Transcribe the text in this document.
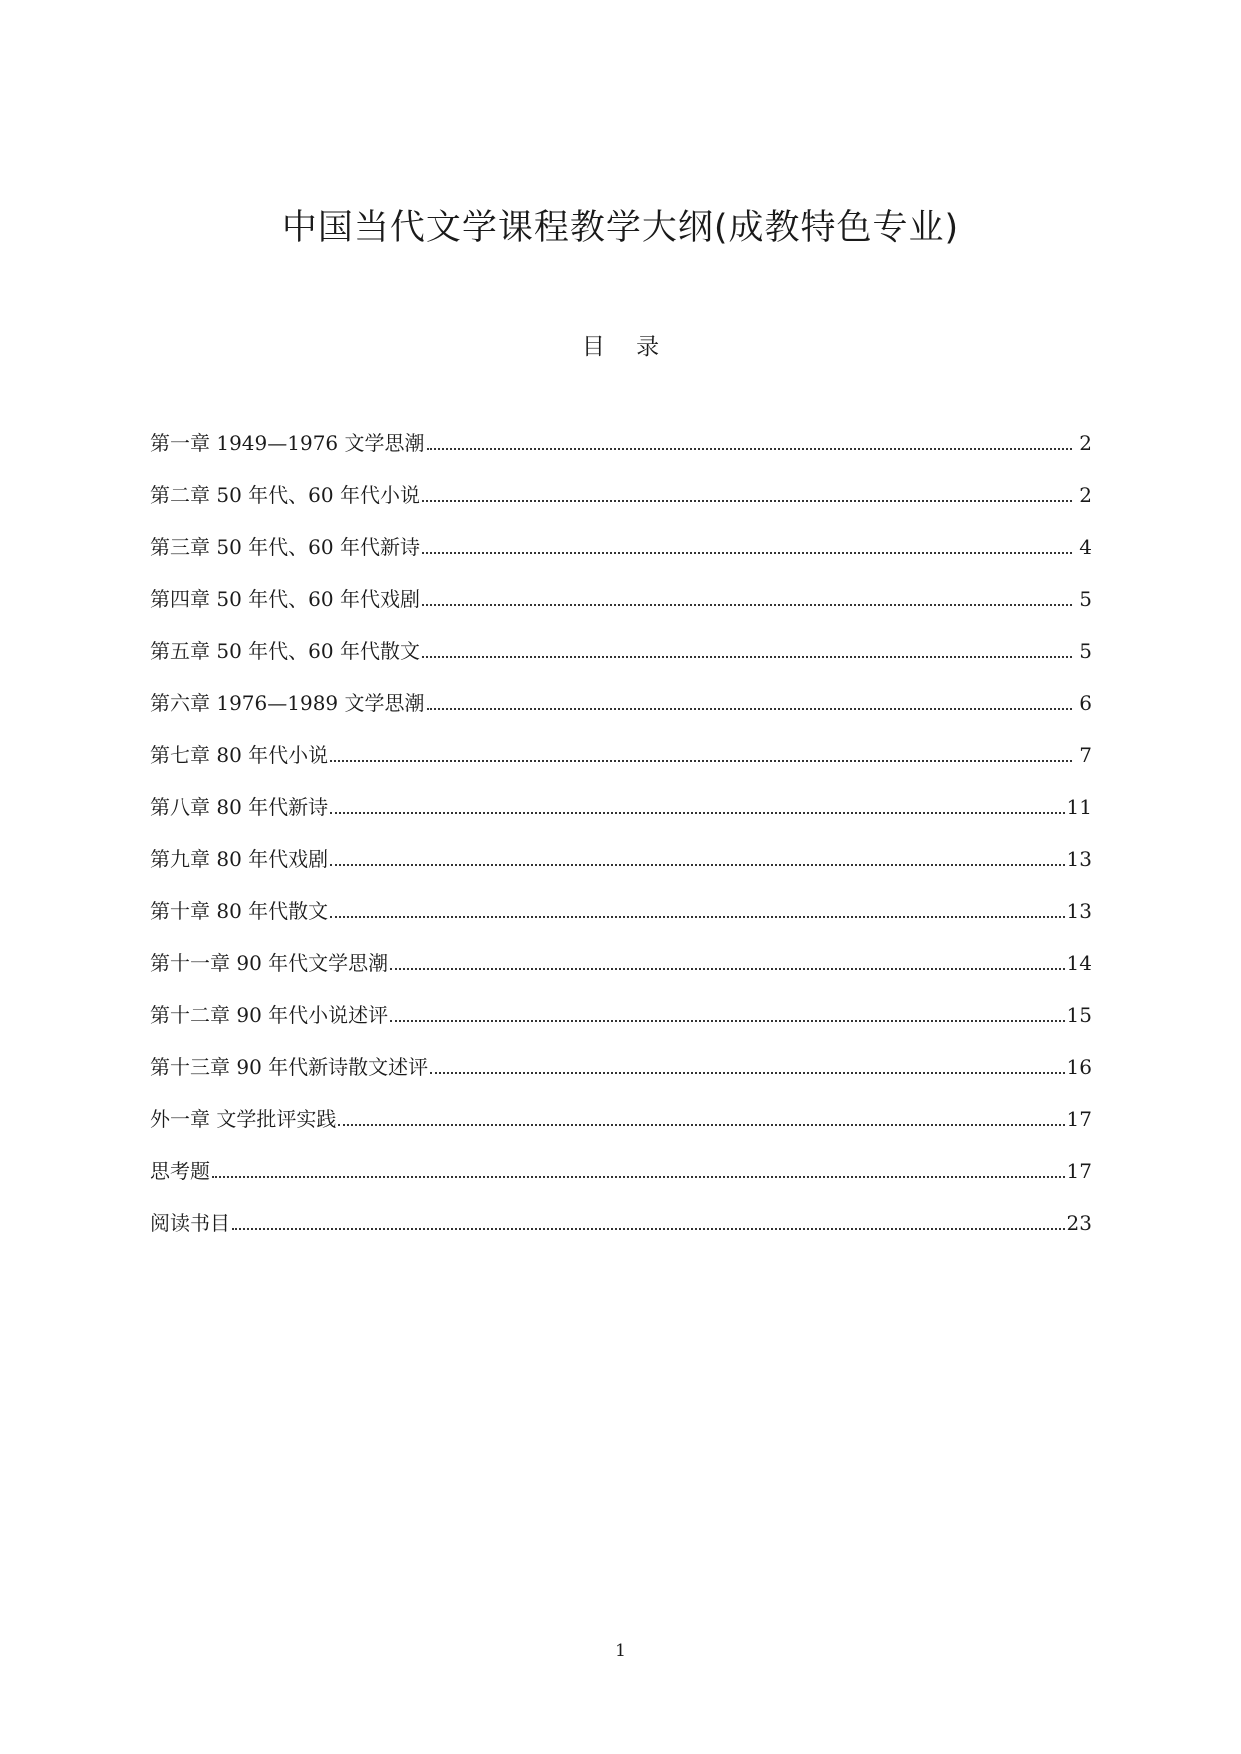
中国当代文学课程教学大纲(成教特色专业)
目 录
第一章 1949—1976 文学思潮	2
第二章 50 年代、60 年代小说	2
第三章 50 年代、60 年代新诗	4
第四章 50 年代、60 年代戏剧	5
第五章 50 年代、60 年代散文	5
第六章 1976—1989 文学思潮	6
第七章 80 年代小说	7
第八章 80 年代新诗	11
第九章 80 年代戏剧	13
第十章 80 年代散文	13
第十一章 90 年代文学思潮	14
第十二章 90 年代小说述评	15
第十三章 90 年代新诗散文述评	16
外一章 文学批评实践	17
思考题	17
阅读书目	23
1
